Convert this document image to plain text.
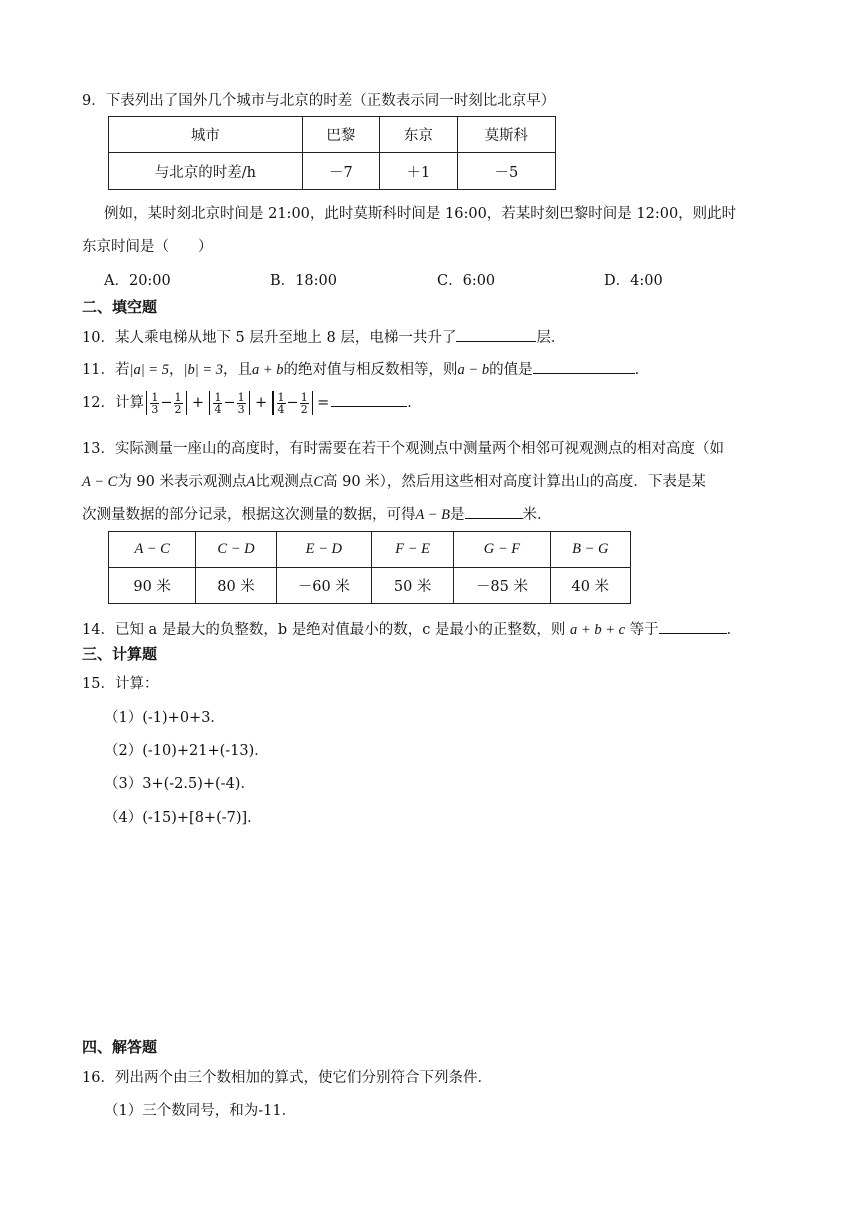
9．下表列出了国外几个城市与北京的时差（正数表示同一时刻比北京早）
城市	巴黎	东京	莫斯科
与北京的时差/h	－7	＋1	－5
例如，某时刻北京时间是 21:00，此时莫斯科时间是 16:00，若某时刻巴黎时间是 12:00，则此时
东京时间是（　　）
A．20:00	B．18:00	C．6:00	D．4:00
二、填空题
10．某人乘电梯从地下 5 层升至地上 8 层，电梯一共升了	层．
11．若|a| = 5，|b| = 3，且a + b的绝对值与相反数相等，则a − b的值是	．
12．计算 $\frac{1}{3} - \frac{1}{2} + \frac{1}{4} - \frac{1}{3} + \frac{1}{4} - \frac{1}{2}$ =	．
13．实际测量一座山的高度时，有时需要在若干个观测点中测量两个相邻可视观测点的相对高度（如
A − C为 90 米表示观测点A比观测点C高 90 米），然后用这些相对高度计算出山的高度．下表是某
次测量数据的部分记录，根据这次测量的数据，可得A − B是	米．
A − C	C − D	E − D	F − E	G − F	B − G
90 米	80 米	－60 米	50 米	－85 米	40 米
14．已知 a 是最大的负整数，b 是绝对值最小的数，c 是最小的正整数，则 a + b + c 等于	．
三、计算题
15．计算：
（1）(-1)+0+3．
（2）(-10)+21+(-13)．
（3）3+(-2.5)+(-4)．
（4）(-15)+[8+(-7)]．
四、解答题
16．列出两个由三个数相加的算式，使它们分别符合下列条件．
（1）三个数同号，和为-11．
